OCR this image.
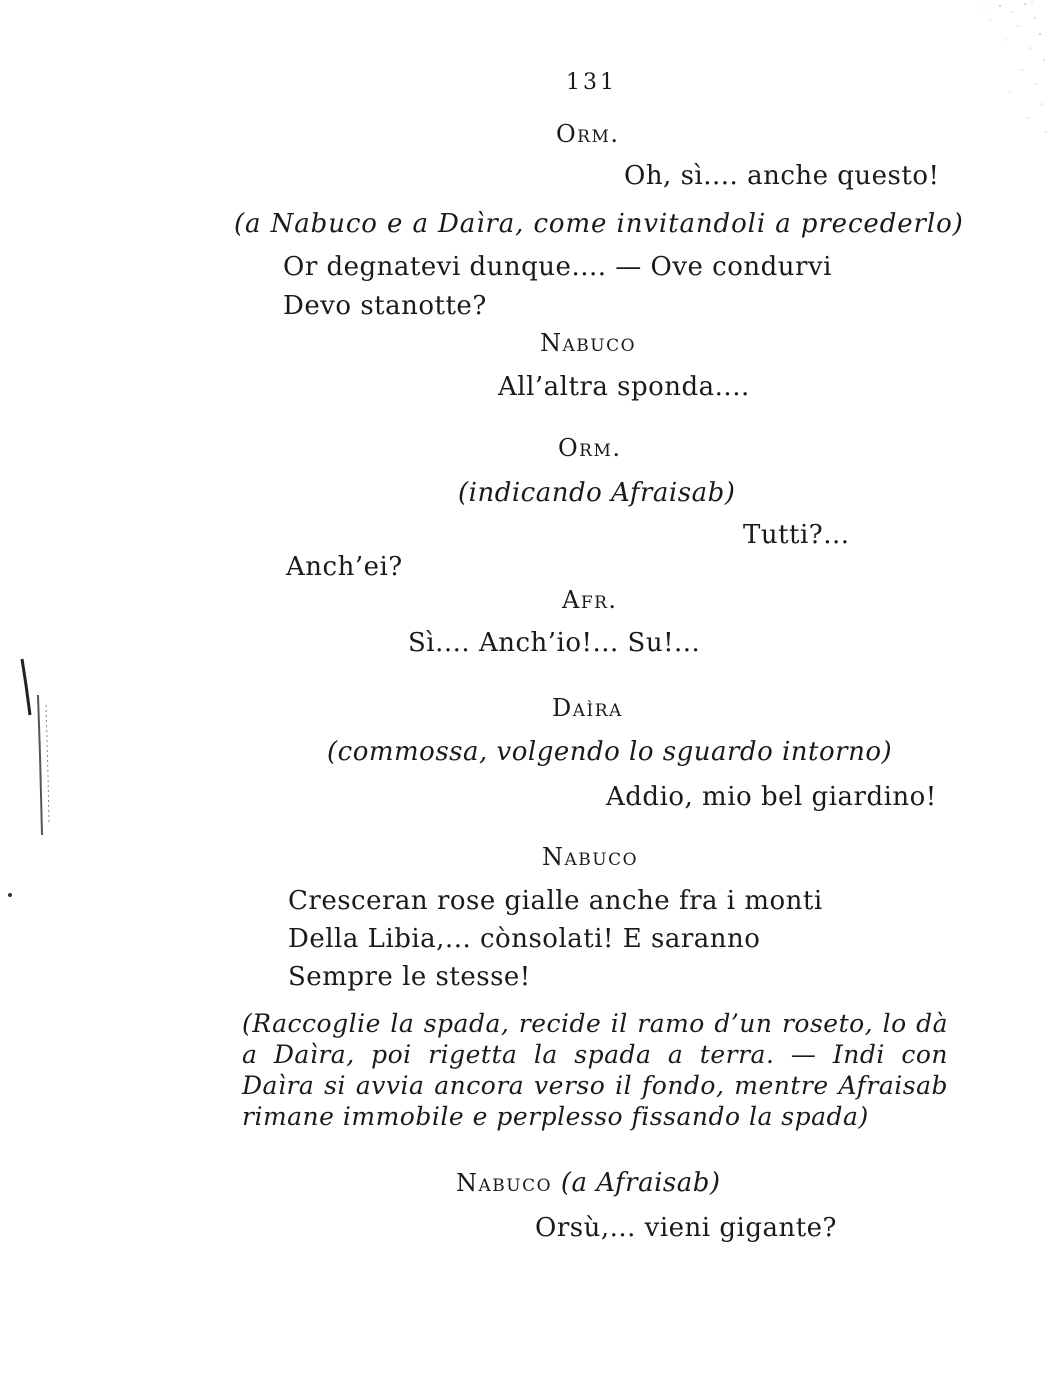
131
Orm.
Oh, sì.... anche questo!
(a Nabuco e a Daìra, come invitandoli a precederlo)
Or degnatevi dunque.... — Ove condurvi
Devo stanotte?
Nabuco
All’altra sponda....
Orm.
(indicando Afraisab)
Tutti?...
Anch’ei?
Afr.
Sì.... Anch’io!... Su!...
Daìra
(commossa, volgendo lo sguardo intorno)
Addio, mio bel giardino!
Nabuco
Cresceran rose gialle anche fra i monti
Della Libia,... cònsolati! E saranno
Sempre le stesse!
(Raccoglie la spada, recide il ramo d’un roseto, lo dà a Daìra, poi rigetta la spada a terra. — Indi con Daìra si avvia ancora verso il fondo, mentre Afraisab rimane immobile e perplesso fissando la spada)
Nabuco (a Afraisab)
Orsù,... vieni gigante?
